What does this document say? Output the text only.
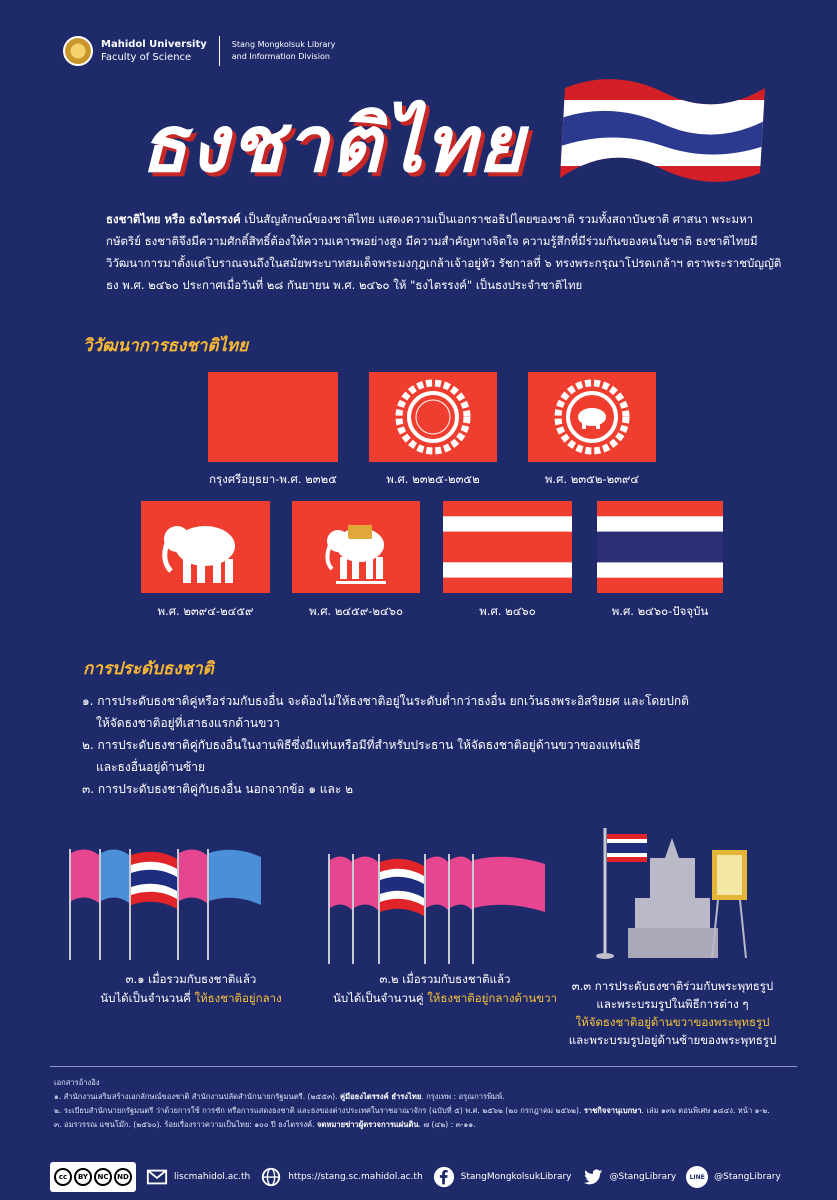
Mahidol University
Faculty of Science
Stang Mongkolsuk Library
and Information Division
ธงชาติไทย
ธงชาติไทย หรือ ธงไตรรงค์ เป็นสัญลักษณ์ของชาติไทย แสดงความเป็นเอกราชอธิปไตยของชาติ รวมทั้งสถาบันชาติ ศาสนา พระมหากษัตริย์ ธงชาติจึงมีความศักดิ์สิทธิ์ต้องให้ความเคารพอย่างสูง มีความสำคัญทางจิตใจ ความรู้สึกที่มีร่วมกันของคนในชาติ ธงชาติไทยมีวิวัฒนาการมาตั้งแต่โบราณจนถึงในสมัยพระบาทสมเด็จพระมงกุฎเกล้าเจ้าอยู่หัว รัชกาลที่ ๖ ทรงพระกรุณาโปรดเกล้าฯ ตราพระราชบัญญัติธง พ.ศ. ๒๔๖๐ ประกาศเมื่อวันที่ ๒๘ กันยายน พ.ศ. ๒๔๖๐ ให้ "ธงไตรรงค์" เป็นธงประจำชาติไทย
วิวัฒนาการธงชาติไทย
กรุงศรีอยุธยา-พ.ศ. ๒๓๒๕	พ.ศ. ๒๓๒๕-๒๓๕๒	พ.ศ. ๒๓๕๒-๒๓๙๔
พ.ศ. ๒๓๙๔-๒๔๕๙	พ.ศ. ๒๔๕๙-๒๔๖๐	พ.ศ. ๒๔๖๐	พ.ศ. ๒๔๖๐-ปัจจุบัน
การประดับธงชาติ
๑. การประดับธงชาติคู่หรือร่วมกับธงอื่น จะต้องไม่ให้ธงชาติอยู่ในระดับต่ำกว่าธงอื่น ยกเว้นธงพระอิสริยยศ และโดยปกติ
ให้จัดธงชาติอยู่ที่เสาธงแรกด้านขวา
๒. การประดับธงชาติคู่กับธงอื่นในงานพิธีซึ่งมีแท่นหรือมีที่สำหรับประธาน ให้จัดธงชาติอยู่ด้านขวาของแท่นพิธี
และธงอื่นอยู่ด้านซ้าย
๓. การประดับธงชาติคู่กับธงอื่น นอกจากข้อ ๑ และ ๒
๓.๑ เมื่อรวมกับธงชาติแล้ว
นับได้เป็นจำนวนคี่ ให้ธงชาติอยู่กลาง
๓.๒ เมื่อรวมกับธงชาติแล้ว
นับได้เป็นจำนวนคู่ ให้ธงชาติอยู่กลางด้านขวา
๓.๓ การประดับธงชาติร่วมกับพระพุทธรูป
และพระบรมรูปในพิธีการต่าง ๆ
ให้จัดธงชาติอยู่ด้านขวาของพระพุทธรูป
และพระบรมรูปอยู่ด้านซ้ายของพระพุทธรูป
เอกสารอ้างอิง
๑. สำนักงานเสริมสร้างเอกลักษณ์ของชาติ สำนักงานปลัดสำนักนายกรัฐมนตรี. (๒๕๕๓). คู่มือธงไตรรงค์ ธำรงไทย. กรุงเทพ : อรุณการพิมพ์.
๒. ระเบียบสำนักนายกรัฐมนตรี ว่าด้วยการใช้ การชัก หรือการแสดงธงชาติ และธงของต่างประเทศในราชอาณาจักร (ฉบับที่ ๕) พ.ศ. ๒๕๖๒ (๒๐ กรกฎาคม ๒๕๖๒). ราชกิจจานุเบกษา. เล่ม ๑๓๖ ตอนพิเศษ ๑๘๔ง. หน้า ๑-๒.
๓. อมรวรรณ แซนโม๊ก. (๒๕๖๐). ร้อยเรื่องราวความเป็นไทย: ๑๐๐ ปี ธงไตรรงค์. จดหมายข่าวผู้ตรวจการแผ่นดิน. ๗ (๔๒) : ๓-๑๑.
cc	BY	NC	ND	liscmahidol.ac.th	https://stang.sc.mahidol.ac.th	StangMongkolsukLibrary	@StangLibrary	LINE	@StangLibrary
